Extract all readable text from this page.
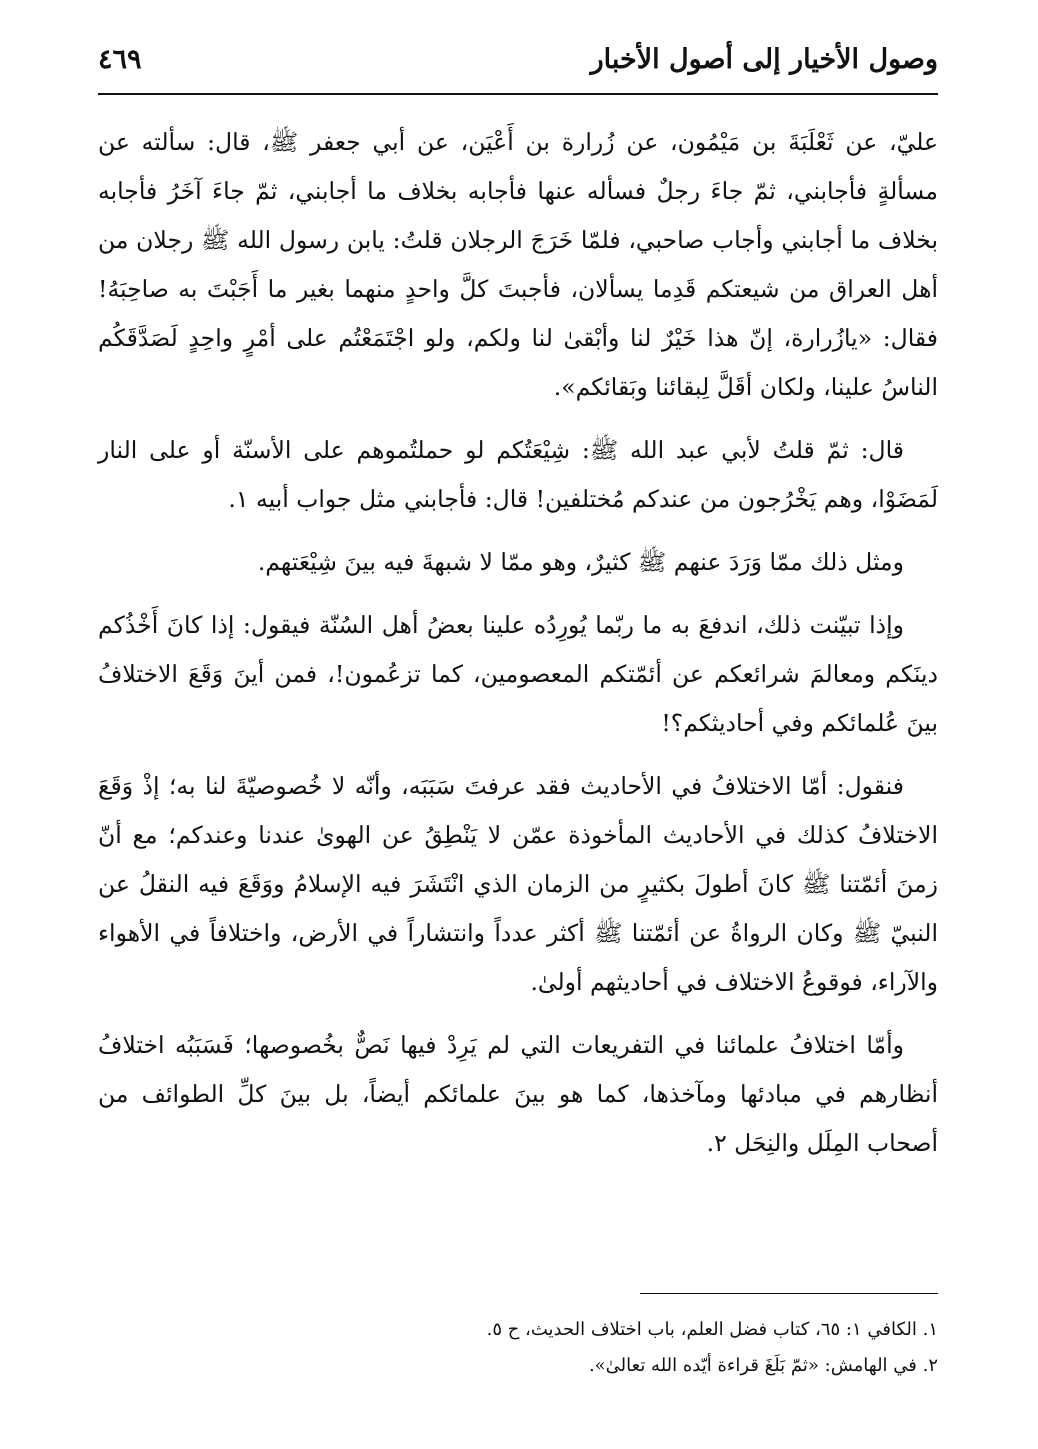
وصول الأخيار إلى أصول الأخبار
٤٦٩

عليّ، عن ثَعْلَبَةَ بن مَيْمُون، عن زُرارة بن أَعْيَن، عن أبي جعفر ﷺ، قال: سألته عن مسألةٍ فأجابني، ثمّ جاءَ رجلٌ فسأله عنها فأجابه بخلاف ما أجابني، ثمّ جاءَ آخَرُ فأجابه بخلاف ما أجابني وأجاب صاحبي، فلمّا خَرَجَ الرجلان قلتُ: يابن رسول الله ﷺ رجلان من أهل العراق من شيعتكم قَدِما يسألان، فأجبتَ كلَّ واحدٍ منهما بغير ما أَجَبْتَ به صاحِبَهُ! فقال: «يازُرارة، إنّ هذا خَيْرٌ لنا وأبْقىٰ لنا ولكم، ولو اجْتَمَعْتُم على أمْرٍ واحِدٍ لَصَدَّقَكُم الناسُ علينا، ولكان أقَلَّ لِبقائنا وبَقائكم».

قال: ثمّ قلتُ لأبي عبد الله ﷺ: شِيْعَتُكم لو حملتُموهم على الأسنّة أو على النار لَمَضَوْا، وهم يَخْرُجون من عندكم مُختلفين! قال: فأجابني مثل جواب أبيه ١.

ومثل ذلك ممّا وَرَدَ عنهم ﷺ كثيرٌ، وهو ممّا لا شبهةَ فيه بينَ شِيْعَتهم.

وإذا تبيّنت ذلك، اندفعَ به ما ربّما يُورِدُه علينا بعضُ أهل السُنّة فيقول: إذا كانَ أَخْذُكم دينَكم ومعالمَ شرائعكم عن أئمّتكم المعصومين، كما تزعُمون!، فمن أينَ وَقَعَ الاختلافُ بينَ عُلمائكم وفي أحاديثكم؟!

فنقول: أمّا الاختلافُ في الأحاديث فقد عرفتَ سَبَبَه، وأنّه لا خُصوصيّةَ لنا به؛ إذْ وَقَعَ الاختلافُ كذلك في الأحاديث المأخوذة عمّن لا يَنْطِقُ عن الهوىٰ عندنا وعندكم؛ مع أنّ زمنَ أئمّتنا ﷺ كانَ أطولَ بكثيرٍ من الزمان الذي انْتَشَرَ فيه الإسلامُ ووَقَعَ فيه النقلُ عن النبيّ ﷺ وكان الرواةُ عن أئمّتنا ﷺ أكثر عدداً وانتشاراً في الأرض، واختلافاً في الأهواء والآراء، فوقوعُ الاختلاف في أحاديثهم أولىٰ.

وأمّا اختلافُ علمائنا في التفريعات التي لم يَرِدْ فيها نَصٌّ بخُصوصها؛ فَسَبَبُه اختلافُ أنظارهم في مبادئها ومآخذها، كما هو بينَ علمائكم أيضاً، بل بينَ كلِّ الطوائف من أصحاب المِلَل والنِحَل ٢.

١. الكافي ١: ٦٥، كتاب فضل العلم، باب اختلاف الحديث، ح ٥.

٢. في الهامش: «ثمّ بَلَغَ قراءة أيّده الله تعالىٰ».
